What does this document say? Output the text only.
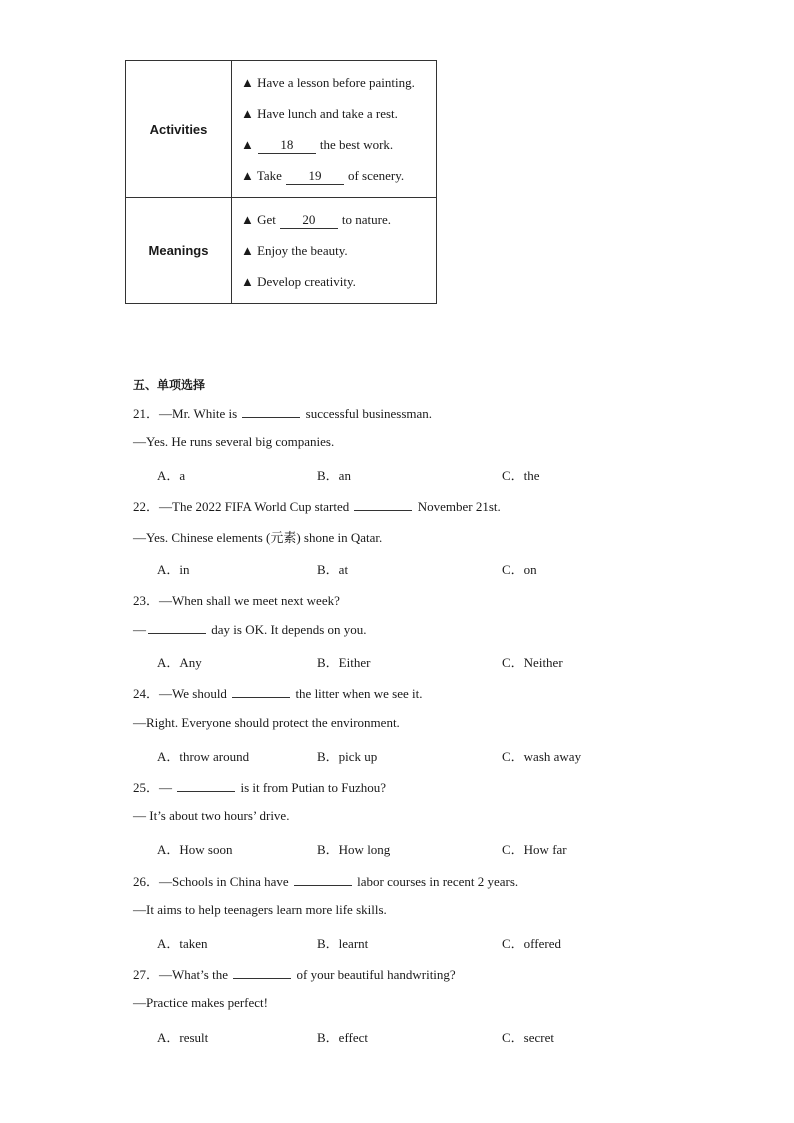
Activities	▲ Have a lesson before painting.
▲ Have lunch and take a rest.
▲ 18 the best work.
▲ Take 19 of scenery.

Meanings	▲ Get 20 to nature.
▲ Enjoy the beauty.
▲ Develop creativity.
五、单项选择
21．—Mr. White is	successful businessman.
—Yes. He runs several big companies.
A．a	B．an	C．the
22．—The 2022 FIFA World Cup started	November 21st.
—Yes. Chinese elements (元素) shone in Qatar.
A．in	B．at	C．on
23．—When shall we meet next week?
—	day is OK. It depends on you.
A．Any	B．Either	C．Neither
24．—We should	the litter when we see it.
—Right. Everyone should protect the environment.
A．throw around	B．pick up	C．wash away
25．—	is it from Putian to Fuzhou?
— It’s about two hours’ drive.
A．How soon	B．How long	C．How far
26．—Schools in China have	labor courses in recent 2 years.
—It aims to help teenagers learn more life skills.
A．taken	B．learnt	C．offered
27．—What’s the	of your beautiful handwriting?
—Practice makes perfect!
A．result	B．effect	C．secret
